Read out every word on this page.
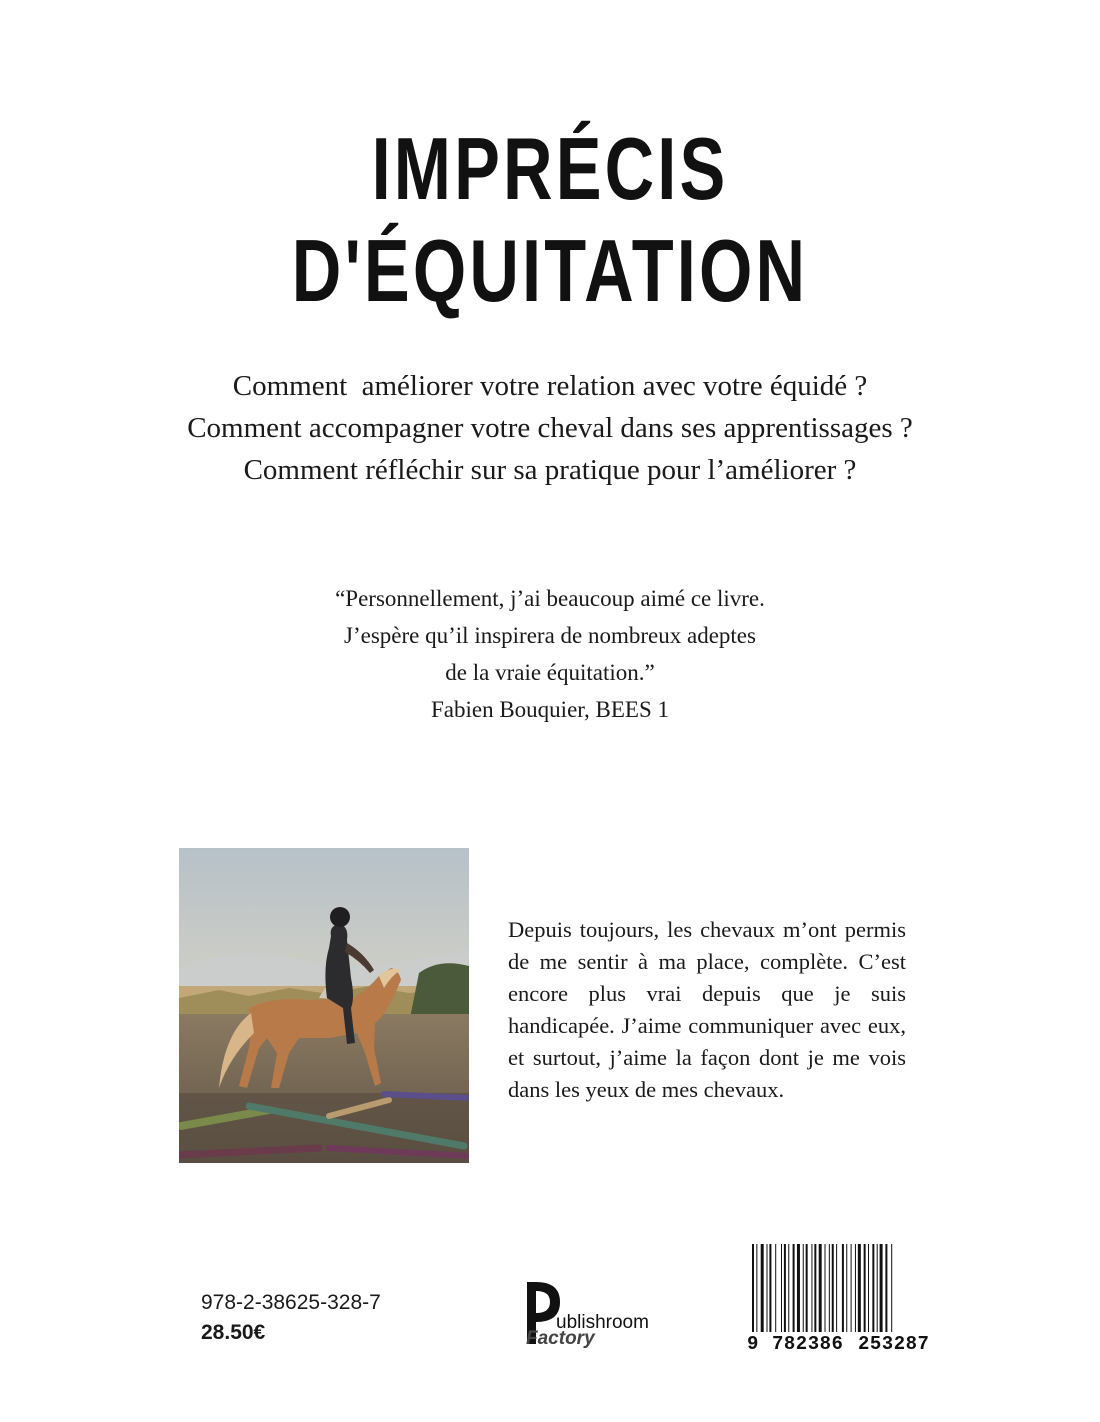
IMPRÉCIS
D'ÉQUITATION
Comment  améliorer votre relation avec votre équidé ?
Comment accompagner votre cheval dans ses apprentissages ?
Comment réfléchir sur sa pratique pour l’améliorer ?
“Personnellement, j’ai beaucoup aimé ce livre.
J’espère qu’il inspirera de nombreux adeptes
de la vraie équitation.”
Fabien Bouquier, BEES 1
Depuis toujours, les chevaux m’ont permis de me sentir à ma place, complète. C’est encore plus vrai depuis que je suis handicapée. J’aime communiquer avec eux, et surtout, j’aime la façon dont je me vois dans les yeux de mes chevaux.
978-2-38625-328-7
28.50€	ublishroom
Factory	9 782386 253287
